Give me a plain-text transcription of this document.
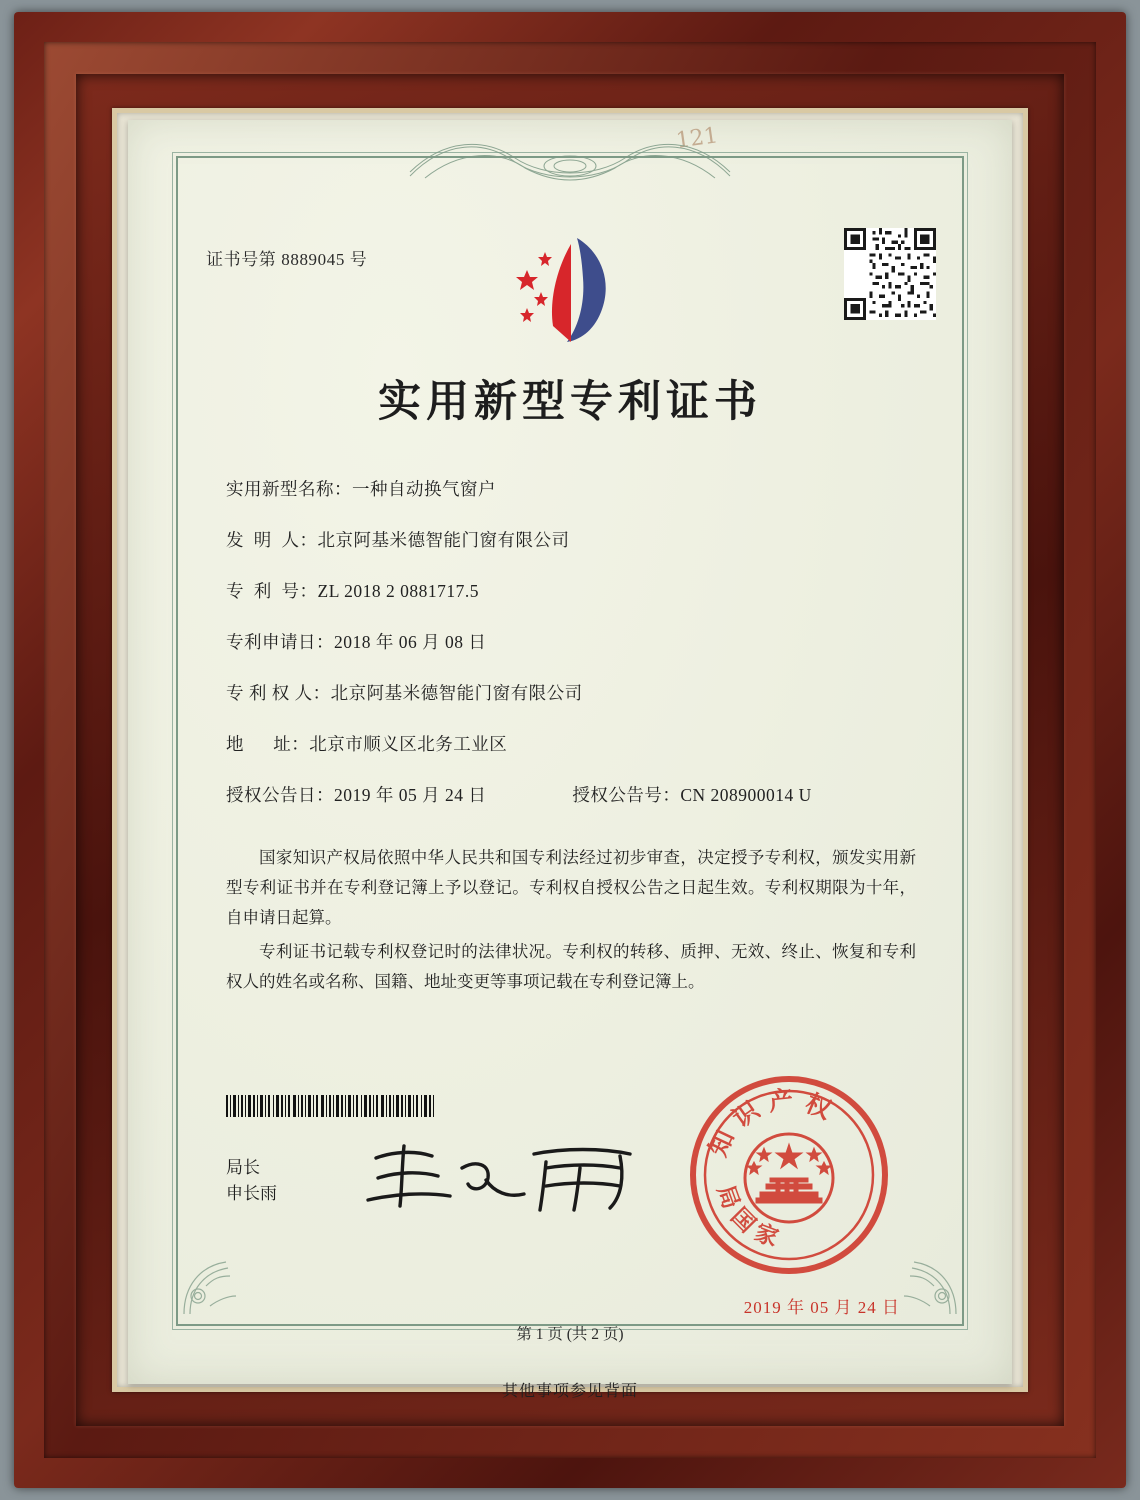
121
证书号第 8889045 号
实用新型专利证书
实用新型名称： 一种自动换气窗户
发  明  人： 北京阿基米德智能门窗有限公司
专  利  号： ZL 2018 2 0881717.5
专利申请日： 2018 年 06 月 08 日
专 利 权 人： 北京阿基米德智能门窗有限公司
地      址： 北京市顺义区北务工业区
授权公告日： 2019 年 05 月 24 日	授权公告号： CN 208900014 U

国家知识产权局依照中华人民共和国专利法经过初步审查，决定授予专利权，颁发实用新型专利证书并在专利登记簿上予以登记。专利权自授权公告之日起生效。专利权期限为十年，自申请日起算。

专利证书记载专利权登记时的法律状况。专利权的转移、质押、无效、终止、恢复和专利权人的姓名或名称、国籍、地址变更等事项记载在专利登记簿上。

局长
申长雨
知 识 产 权
局 国 家
2019 年 05 月 24 日
第 1 页 (共 2 页)
其他事项参见背面
